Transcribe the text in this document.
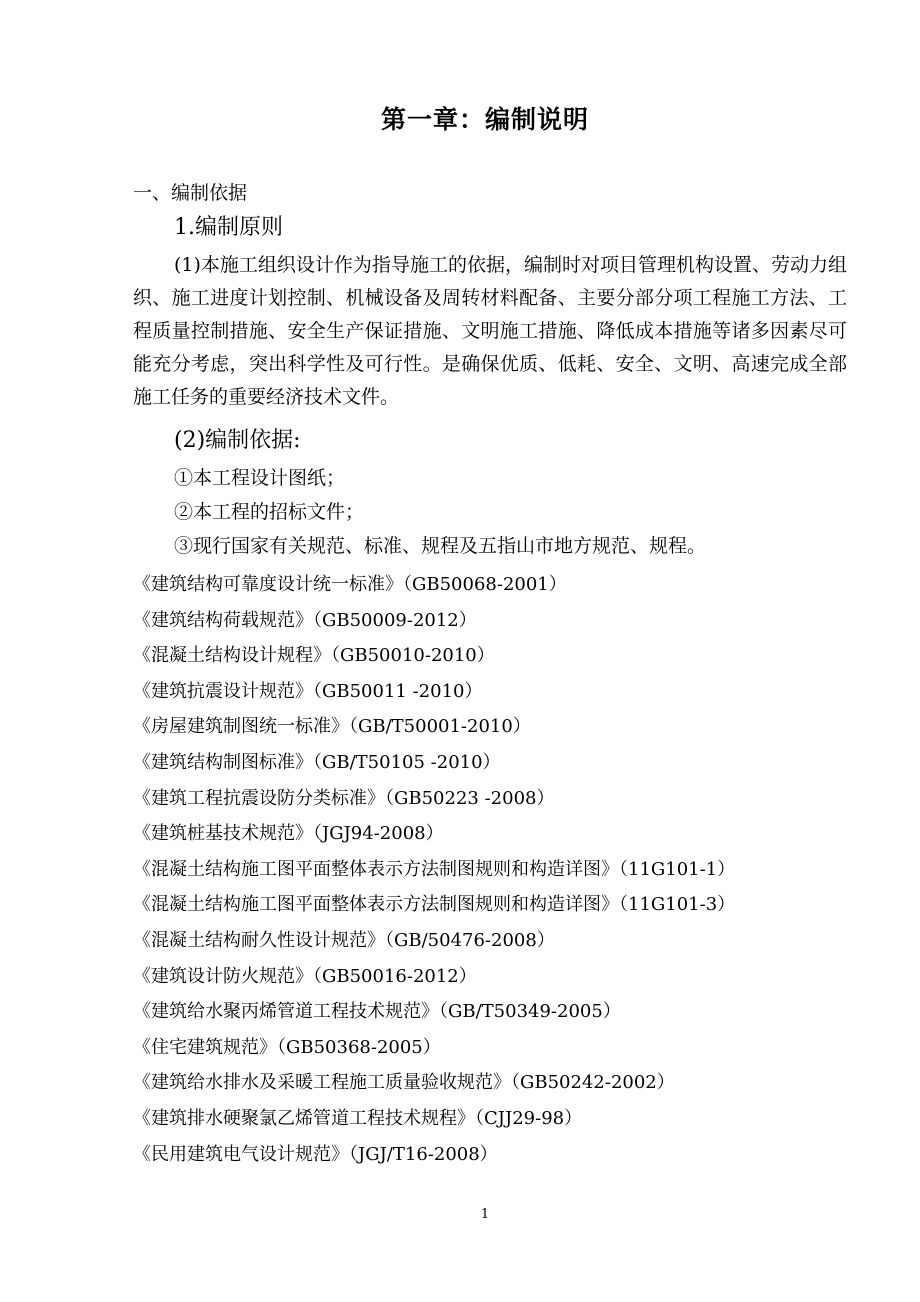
第一章：编制说明
一、编制依据
1.编制原则
(1)本施工组织设计作为指导施工的依据，编制时对项目管理机构设置、劳动力组织、施工进度计划控制、机械设备及周转材料配备、主要分部分项工程施工方法、工程质量控制措施、安全生产保证措施、文明施工措施、降低成本措施等诸多因素尽可能充分考虑，突出科学性及可行性。是确保优质、低耗、安全、文明、高速完成全部施工任务的重要经济技术文件。
(2)编制依据:
①本工程设计图纸；
②本工程的招标文件；
③现行国家有关规范、标准、规程及五指山市地方规范、规程。
《建筑结构可靠度设计统一标准》（GB50068-2001）
《建筑结构荷载规范》（GB50009-2012）
《混凝土结构设计规程》（GB50010-2010）
《建筑抗震设计规范》（GB50011 -2010）
《房屋建筑制图统一标准》（GB/T50001-2010）
《建筑结构制图标准》（GB/T50105 -2010）
《建筑工程抗震设防分类标准》（GB50223 -2008）
《建筑桩基技术规范》（JGJ94-2008）
《混凝土结构施工图平面整体表示方法制图规则和构造详图》（11G101-1）
《混凝土结构施工图平面整体表示方法制图规则和构造详图》（11G101-3）
《混凝土结构耐久性设计规范》（GB/50476-2008）
《建筑设计防火规范》（GB50016-2012）
《建筑给水聚丙烯管道工程技术规范》（GB/T50349-2005）
《住宅建筑规范》（GB50368-2005）
《建筑给水排水及采暖工程施工质量验收规范》（GB50242-2002）
《建筑排水硬聚氯乙烯管道工程技术规程》（CJJ29-98）
《民用建筑电气设计规范》（JGJ/T16-2008）
1
